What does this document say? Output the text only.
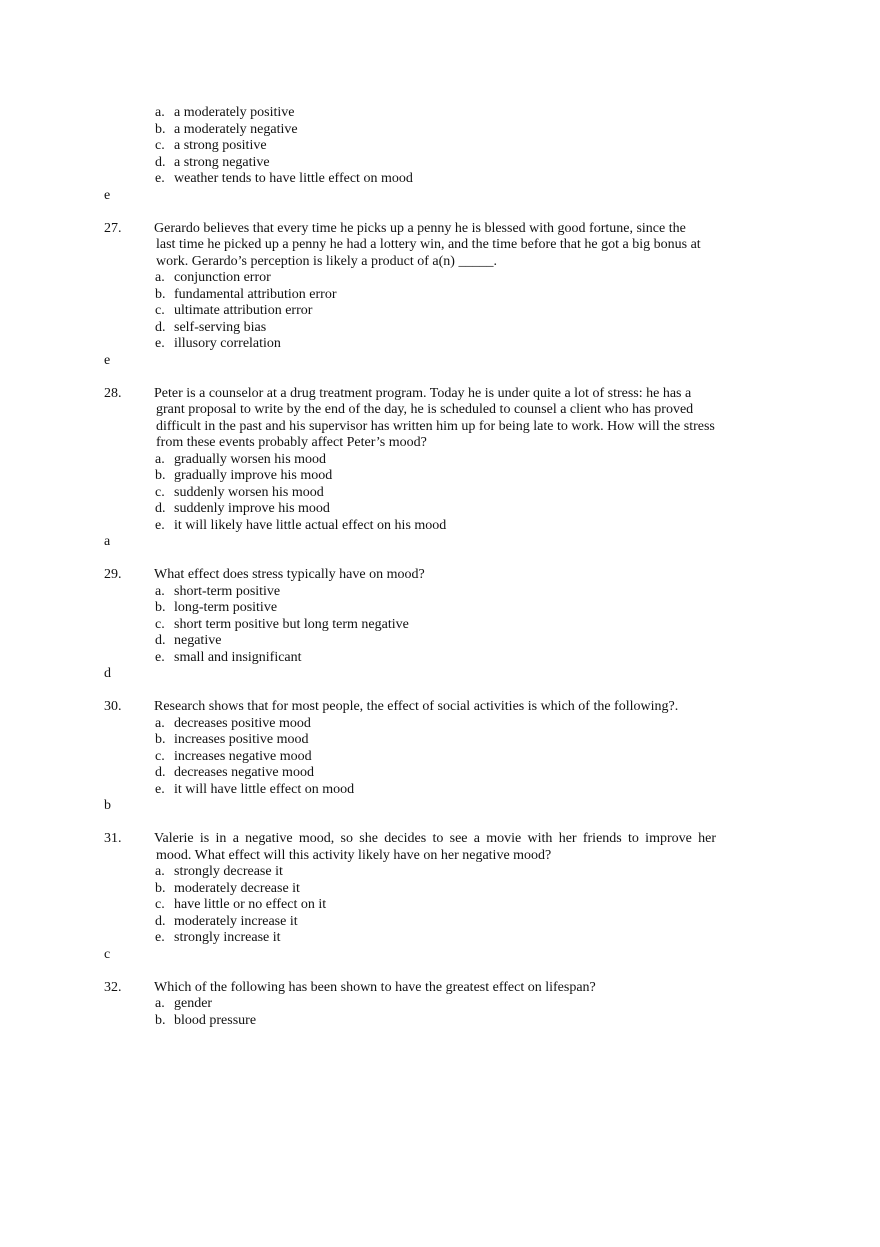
a. a moderately positive
b. a moderately negative
c. a strong positive
d. a strong negative
e. weather tends to have little effect on mood
e
27. Gerardo believes that every time he picks up a penny he is blessed with good fortune, since the
last time he picked up a penny he had a lottery win, and the time before that he got a big bonus at
work. Gerardo’s perception is likely a product of a(n) _____.
a. conjunction error
b. fundamental attribution error
c. ultimate attribution error
d. self-serving bias
e. illusory correlation
e
28. Peter is a counselor at a drug treatment program. Today he is under quite a lot of stress: he has a
grant proposal to write by the end of the day, he is scheduled to counsel a client who has proved
difficult in the past and his supervisor has written him up for being late to work. How will the stress
from these events probably affect Peter’s mood?
a. gradually worsen his mood
b. gradually improve his mood
c. suddenly worsen his mood
d. suddenly improve his mood
e. it will likely have little actual effect on his mood
a
29. What effect does stress typically have on mood?
a. short-term positive
b. long-term positive
c. short term positive but long term negative
d. negative
e. small and insignificant
d
30. Research shows that for most people, the effect of social activities is which of the following?.
a. decreases positive mood
b. increases positive mood
c. increases negative mood
d. decreases negative mood
e. it will have little effect on mood
b
31. Valerie is in a negative mood, so she decides to see a movie with her friends to improve her
mood. What effect will this activity likely have on her negative mood?
a. strongly decrease it
b. moderately decrease it
c. have little or no effect on it
d. moderately increase it
e. strongly increase it
c
32. Which of the following has been shown to have the greatest effect on lifespan?
a. gender
b. blood pressure
